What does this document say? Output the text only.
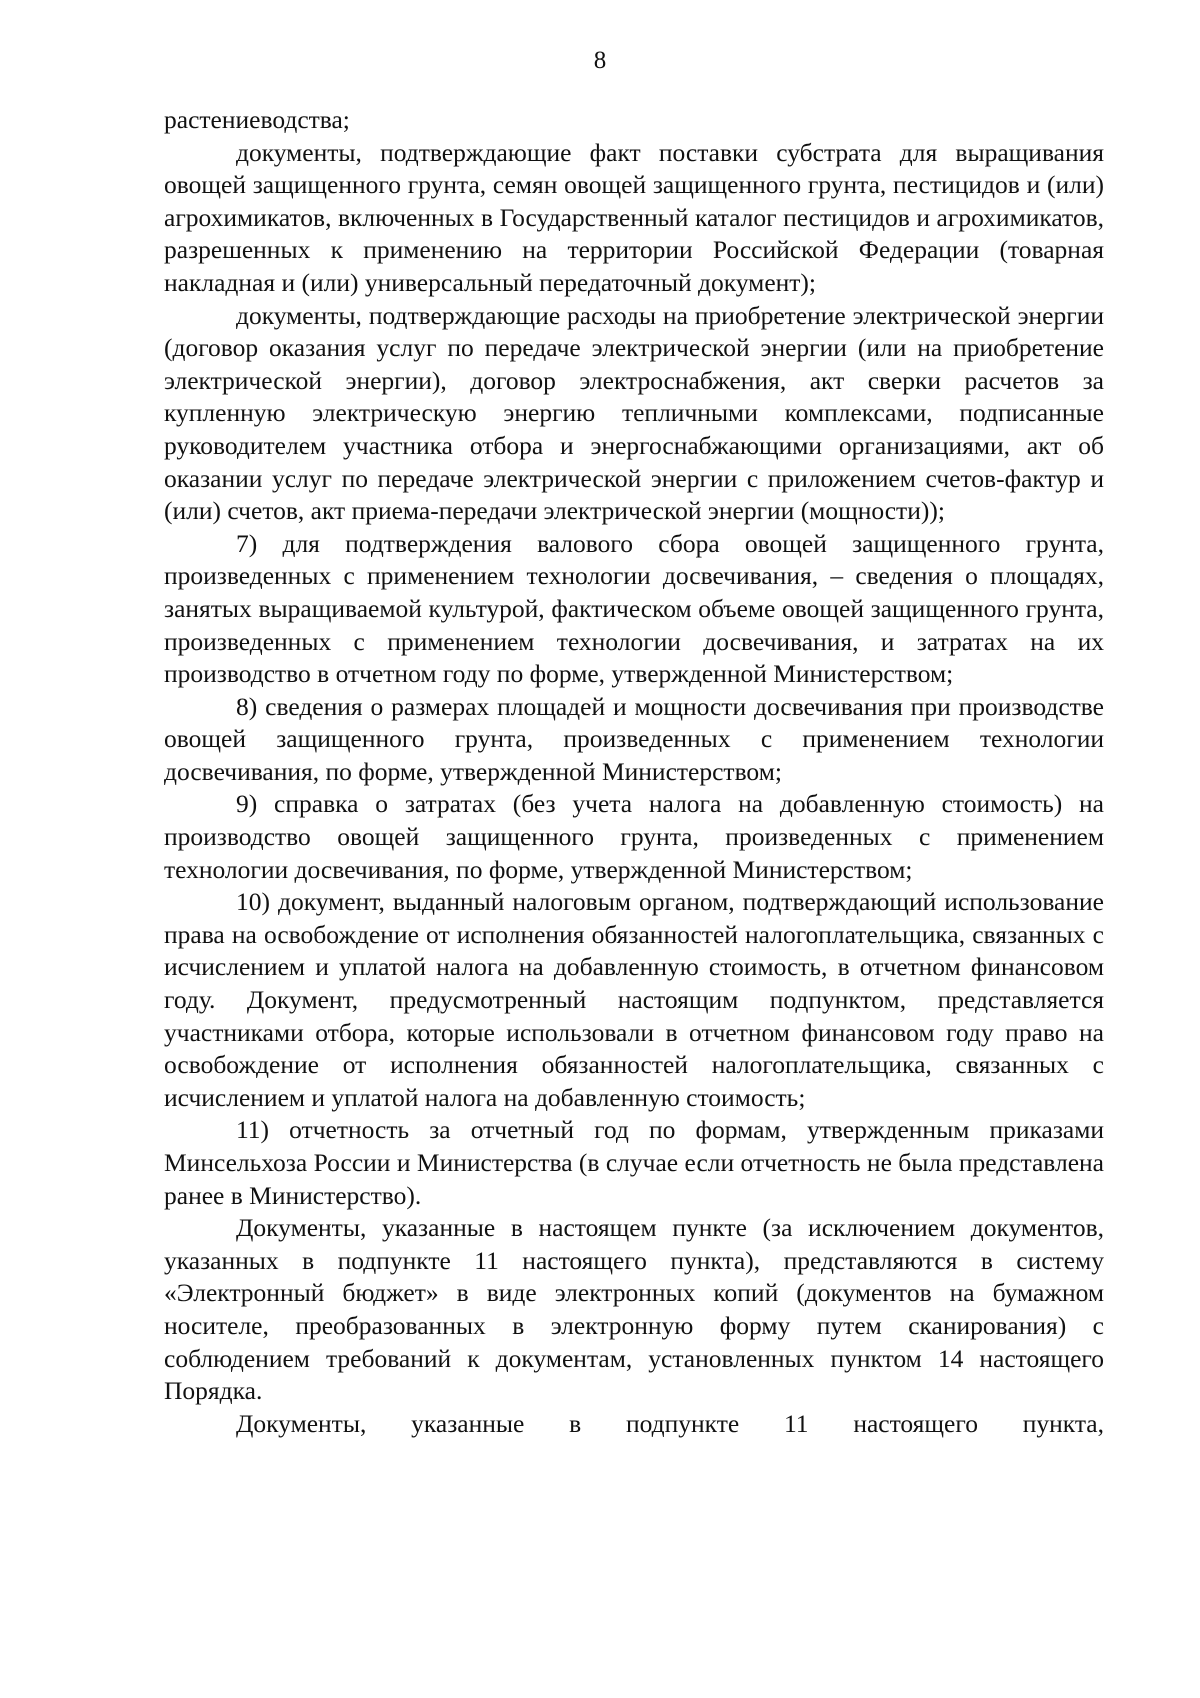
8

растениеводства;

документы, подтверждающие факт поставки субстрата для выращивания овощей защищенного грунта, семян овощей защищенного грунта, пестицидов и (или) агрохимикатов, включенных в Государственный каталог пестицидов и агрохимикатов, разрешенных к применению на территории Российской Федерации (товарная накладная и (или) универсальный передаточный документ);

документы, подтверждающие расходы на приобретение электрической энергии (договор оказания услуг по передаче электрической энергии (или на приобретение электрической энергии), договор электроснабжения, акт сверки расчетов за купленную электрическую энергию тепличными комплексами, подписанные руководителем участника отбора и энергоснабжающими организациями, акт об оказании услуг по передаче электрической энергии с приложением счетов-фактур и (или) счетов, акт приема-передачи электрической энергии (мощности));

7) для подтверждения валового сбора овощей защищенного грунта, произведенных с применением технологии досвечивания, – сведения о площадях, занятых выращиваемой культурой, фактическом объеме овощей защищенного грунта, произведенных с применением технологии досвечивания, и затратах на их производство в отчетном году по форме, утвержденной Министерством;

8) сведения о размерах площадей и мощности досвечивания при производстве овощей защищенного грунта, произведенных с применением технологии досвечивания, по форме, утвержденной Министерством;

9) справка о затратах (без учета налога на добавленную стоимость) на производство овощей защищенного грунта, произведенных с применением технологии досвечивания, по форме, утвержденной Министерством;

10) документ, выданный налоговым органом, подтверждающий использование права на освобождение от исполнения обязанностей налогоплательщика, связанных с исчислением и уплатой налога на добавленную стоимость, в отчетном финансовом году. Документ, предусмотренный настоящим подпунктом, представляется участниками отбора, которые использовали в отчетном финансовом году право на освобождение от исполнения обязанностей налогоплательщика, связанных с исчислением и уплатой налога на добавленную стоимость;

11) отчетность за отчетный год по формам, утвержденным приказами Минсельхоза России и Министерства (в случае если отчетность не была представлена ранее в Министерство).

Документы, указанные в настоящем пункте (за исключением документов, указанных в подпункте 11 настоящего пункта), представляются в систему «Электронный бюджет» в виде электронных копий (документов на бумажном носителе, преобразованных в электронную форму путем сканирования) с соблюдением требований к документам, установленных пунктом 14 настоящего Порядка.

Документы, указанные в подпункте 11 настоящего пункта,
